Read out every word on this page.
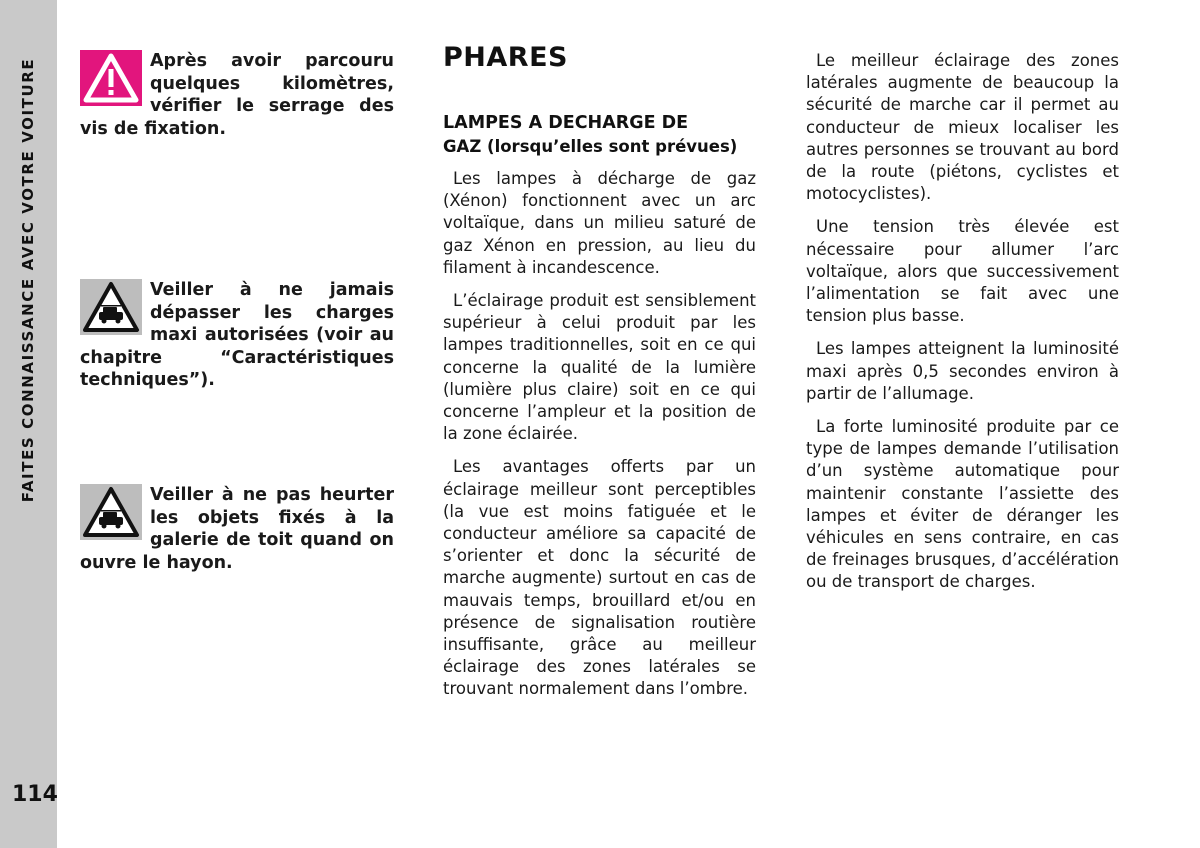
FAITES CONNAISSANCE AVEC VOTRE VOITURE
114
Après avoir parcouru quelques kilomètres, vérifier le serrage des vis de fixation.
Veiller à ne jamais dépasser les charges maxi autorisées (voir au chapitre “Caractéristiques techniques”).
Veiller à ne pas heurter les objets fixés à la galerie de toit quand on ouvre le hayon.
PHARES
LAMPES A DECHARGE DE
GAZ (lorsqu’elles sont prévues)

Les lampes à décharge de gaz (Xénon) fonctionnent avec un arc voltaïque, dans un milieu saturé de gaz Xénon en pression, au lieu du filament à incandescence.

L’éclairage produit est sensiblement supérieur à celui produit par les lampes traditionnelles, soit en ce qui concerne la qualité de la lumière (lumière plus claire) soit en ce qui concerne l’ampleur et la position de la zone éclairée.

Les avantages offerts par un éclairage meilleur sont perceptibles (la vue est moins fatiguée et le conducteur améliore sa capacité de s’orienter et donc la sécurité de marche augmente) surtout en cas de mauvais temps, brouillard et/ou en présence de signalisation routière insuffisante, grâce au meilleur éclairage des zones latérales se trouvant normalement dans l’ombre.

Le meilleur éclairage des zones latérales augmente de beaucoup la sécurité de marche car il permet au conducteur de mieux localiser les autres personnes se trouvant au bord de la route (piétons, cyclistes et motocyclistes).

Une tension très élevée est nécessaire pour allumer l’arc voltaïque, alors que successivement l’alimentation se fait avec une tension plus basse.

Les lampes atteignent la luminosité maxi après 0,5 secondes environ à partir de l’allumage.

La forte luminosité produite par ce type de lampes demande l’utilisation d’un système automatique pour maintenir constante l’assiette des lampes et éviter de déranger les véhicules en sens contraire, en cas de freinages brusques, d’accélération ou de transport de charges.
